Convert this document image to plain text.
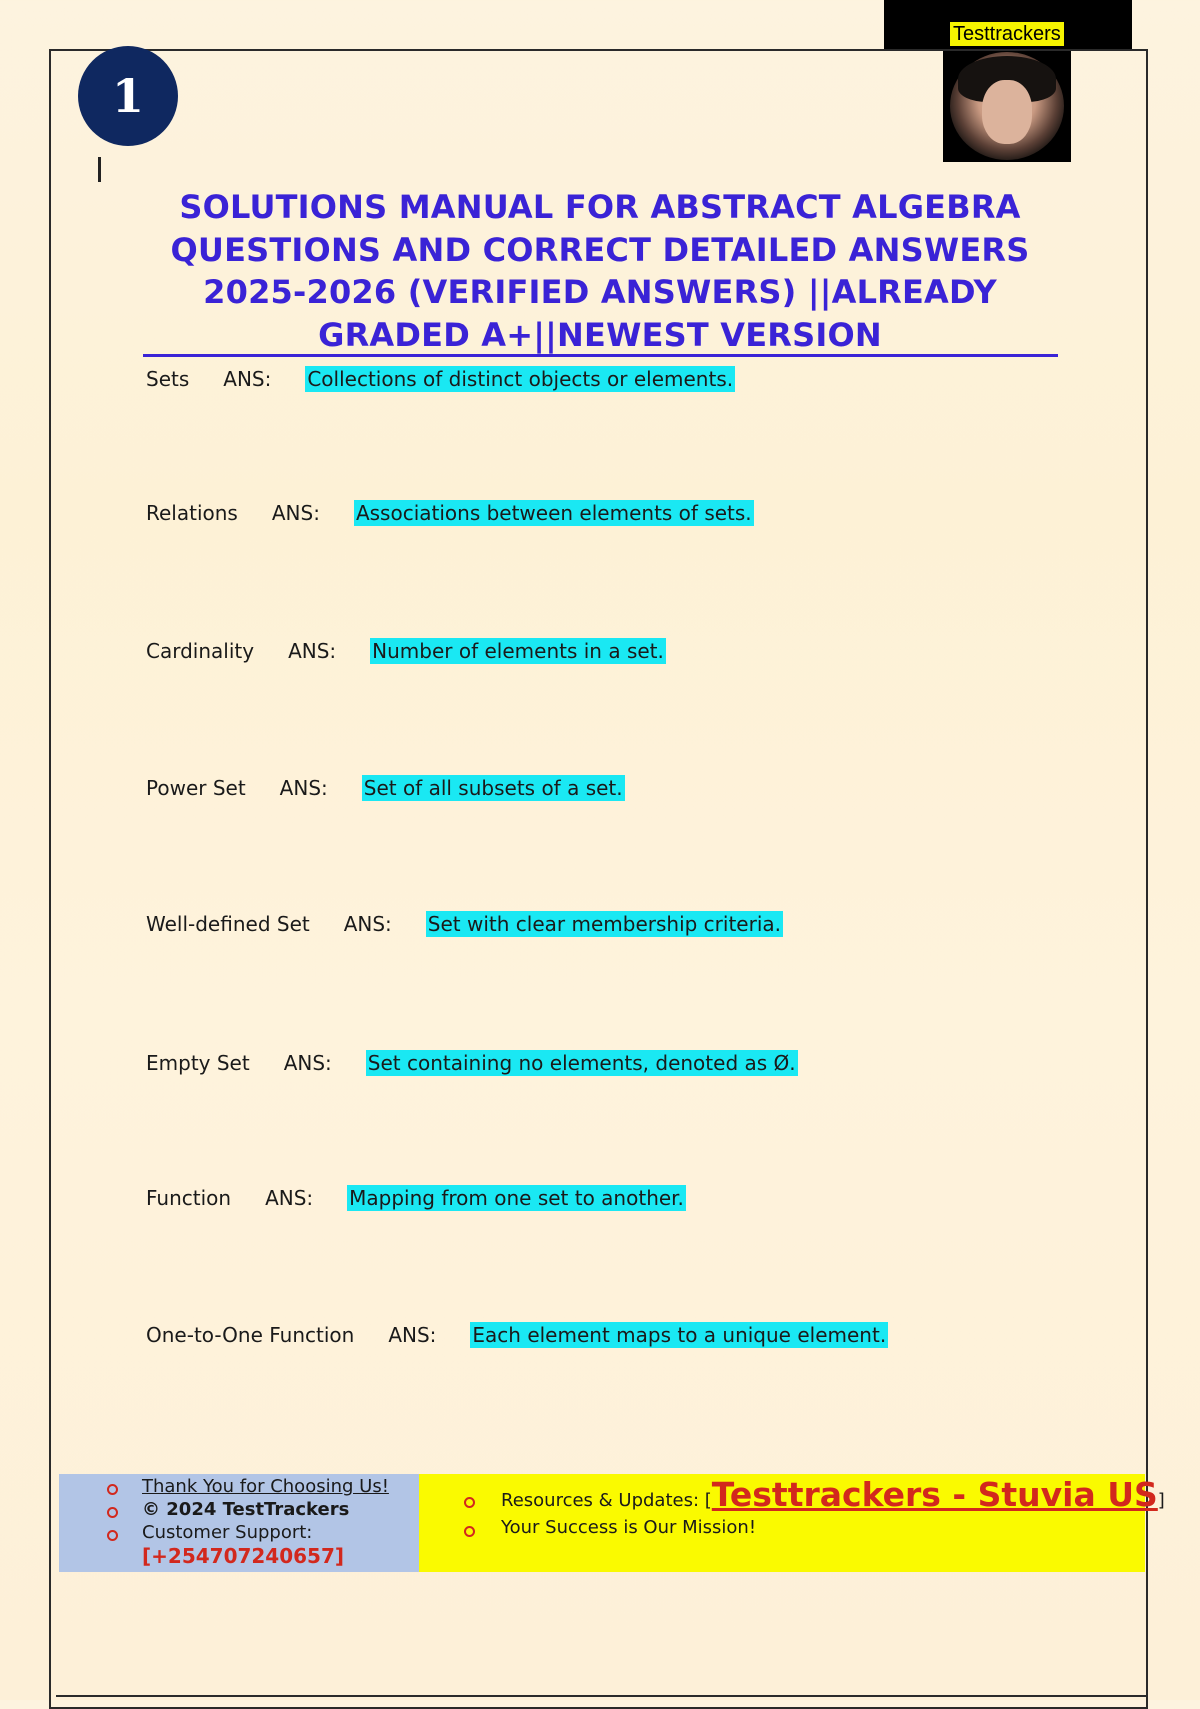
Testtrackers
1
SOLUTIONS MANUAL FOR ABSTRACT ALGEBRA QUESTIONS AND CORRECT DETAILED ANSWERS 2025-2026 (VERIFIED ANSWERS) ||ALREADY GRADED A+||NEWEST VERSION
Sets ANS: Collections of distinct objects or elements.
Relations ANS: Associations between elements of sets.
Cardinality ANS: Number of elements in a set.
Power Set ANS: Set of all subsets of a set.
Well-defined Set ANS: Set with clear membership criteria.
Empty Set ANS: Set containing no elements, denoted as Ø.
Function ANS: Mapping from one set to another.
One-to-One Function ANS: Each element maps to a unique element.
Thank You for Choosing Us!
© 2024 TestTrackers
Customer Support:
[+254707240657]
Resources & Updates: [Testtrackers - Stuvia US]
Your Success is Our Mission!
